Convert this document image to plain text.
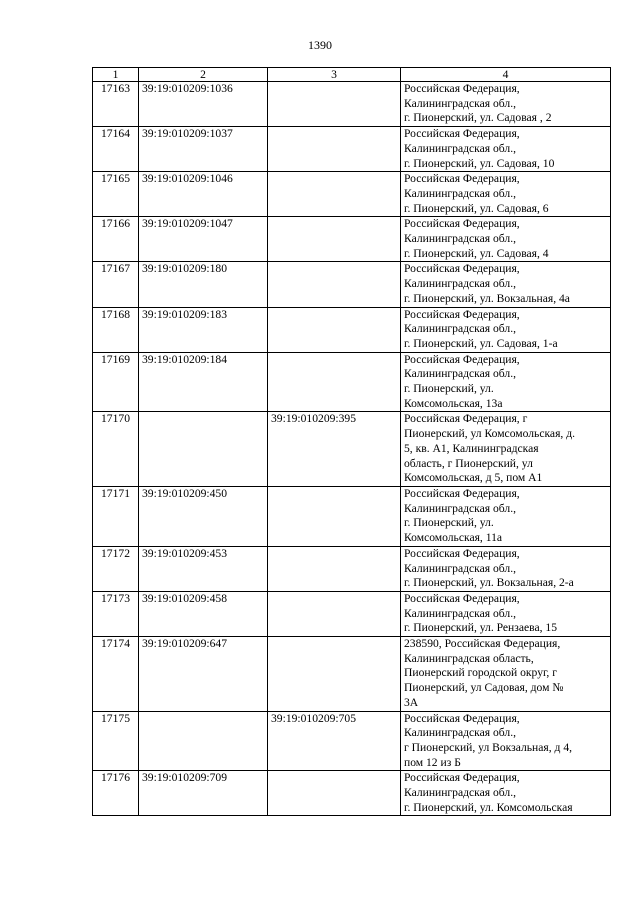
1390
1	2	3	4
17163	39:19:010209:1036		Российская Федерация,
Калининградская обл.,
г. Пионерский, ул. Садовая , 2

17164	39:19:010209:1037		Российская Федерация,
Калининградская обл.,
г. Пионерский, ул. Садовая, 10

17165	39:19:010209:1046		Российская Федерация,
Калининградская обл.,
г. Пионерский, ул. Садовая, 6

17166	39:19:010209:1047		Российская Федерация,
Калининградская обл.,
г. Пионерский, ул. Садовая, 4

17167	39:19:010209:180		Российская Федерация,
Калининградская обл.,
г. Пионерский, ул. Вокзальная, 4а

17168	39:19:010209:183		Российская Федерация,
Калининградская обл.,
г. Пионерский, ул. Садовая, 1-а

17169	39:19:010209:184		Российская Федерация,
Калининградская обл.,
г. Пионерский, ул.
Комсомольская, 13а

17170		39:19:010209:395	Российская Федерация, г
Пионерский, ул Комсомольская, д.
5, кв. А1, Калининградская
область, г Пионерский, ул
Комсомольская, д 5, пом А1

17171	39:19:010209:450		Российская Федерация,
Калининградская обл.,
г. Пионерский, ул.
Комсомольская, 11а

17172	39:19:010209:453		Российская Федерация,
Калининградская обл.,
г. Пионерский, ул. Вокзальная, 2-а

17173	39:19:010209:458		Российская Федерация,
Калининградская обл.,
г. Пионерский, ул. Рензаева, 15

17174	39:19:010209:647		238590, Российская Федерация,
Калининградская область,
Пионерский городской округ, г
Пионерский, ул Садовая, дом №
3А

17175		39:19:010209:705	Российская Федерация,
Калининградская обл.,
г Пионерский, ул Вокзальная, д 4,
пом 12 из Б

17176	39:19:010209:709		Российская Федерация,
Калининградская обл.,
г. Пионерский, ул. Комсомольская
